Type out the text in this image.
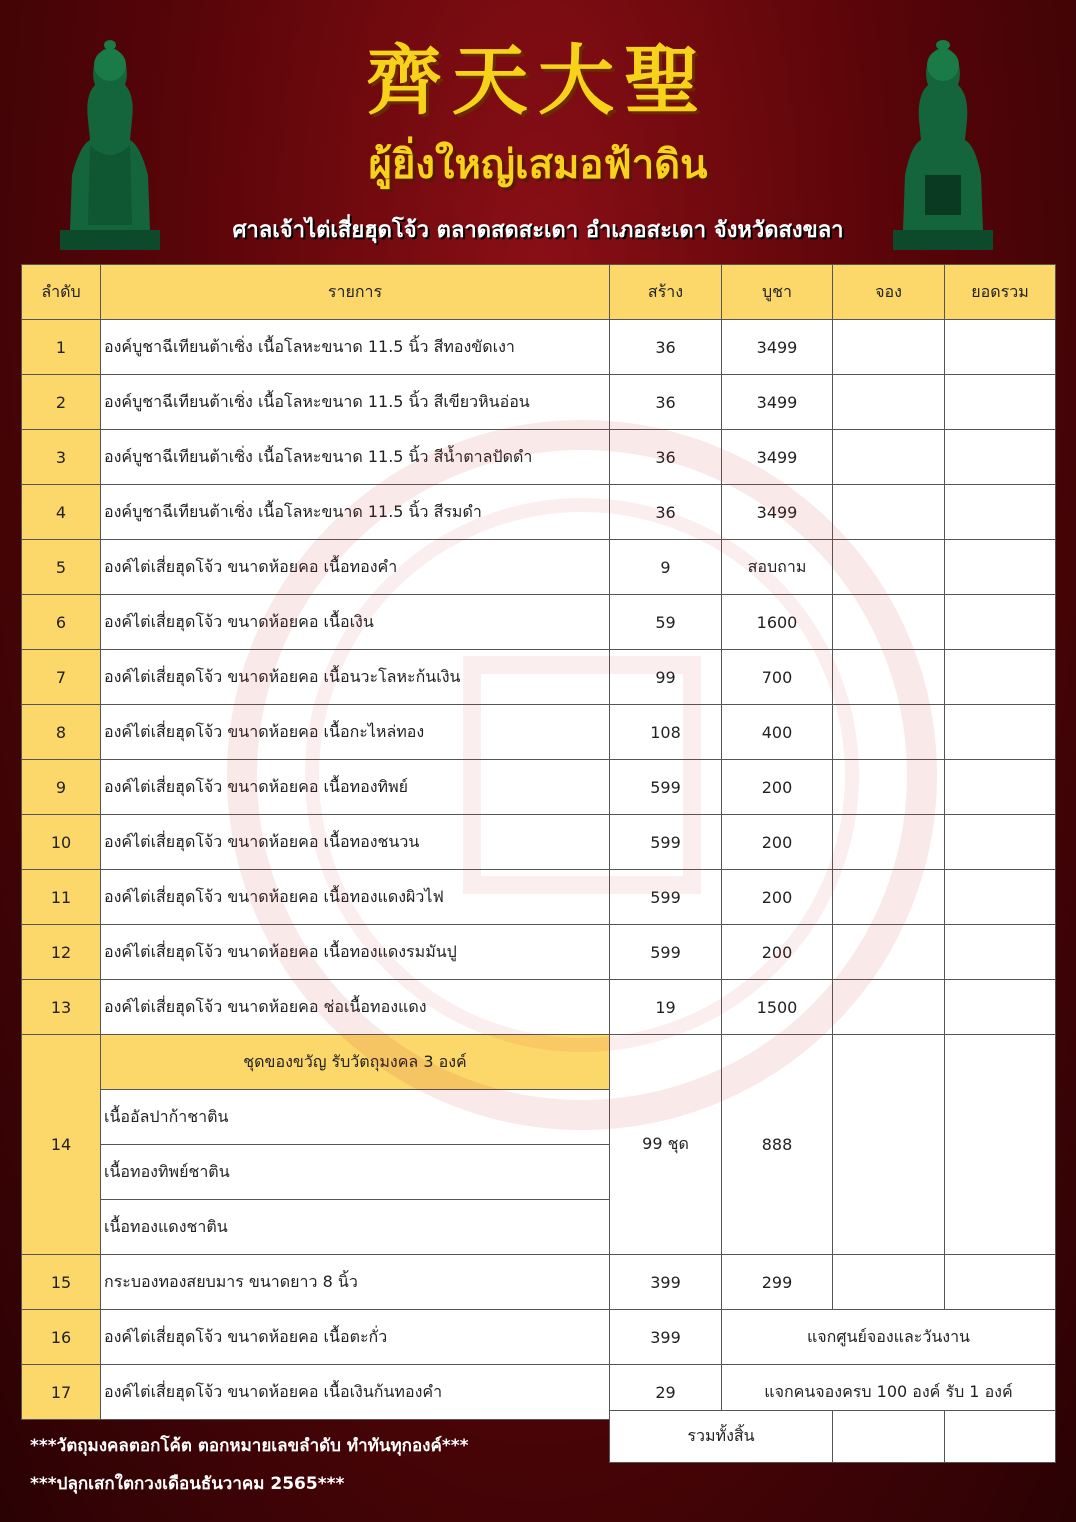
齊天大聖
ผู้ยิ่งใหญ่เสมอฟ้าดิน
ศาลเจ้าไต่เสี่ยฮุดโจ้ว ตลาดสดสะเดา อำเภอสะเดา จังหวัดสงขลา
ลำดับ	รายการ	สร้าง	บูชา	จอง	ยอดรวม
1	องค์บูชาฉีเทียนต้าเซิ่ง เนื้อโลหะขนาด 11.5 นิ้ว สีทองขัดเงา	36	3499		
2	องค์บูชาฉีเทียนต้าเซิ่ง เนื้อโลหะขนาด 11.5 นิ้ว สีเขียวหินอ่อน	36	3499		
3	องค์บูชาฉีเทียนต้าเซิ่ง เนื้อโลหะขนาด 11.5 นิ้ว สีน้ำตาลปัดดำ	36	3499		
4	องค์บูชาฉีเทียนต้าเซิ่ง เนื้อโลหะขนาด 11.5 นิ้ว สีรมดำ	36	3499		
5	องค์ไต่เสี่ยฮุดโจ้ว ขนาดห้อยคอ เนื้อทองคำ	9	สอบถาม		
6	องค์ไต่เสี่ยฮุดโจ้ว ขนาดห้อยคอ เนื้อเงิน	59	1600		
7	องค์ไต่เสี่ยฮุดโจ้ว ขนาดห้อยคอ เนื้อนวะโลหะก้นเงิน	99	700		
8	องค์ไต่เสี่ยฮุดโจ้ว ขนาดห้อยคอ เนื้อกะไหล่ทอง	108	400		
9	องค์ไต่เสี่ยฮุดโจ้ว ขนาดห้อยคอ เนื้อทองทิพย์	599	200		
10	องค์ไต่เสี่ยฮุดโจ้ว ขนาดห้อยคอ เนื้อทองชนวน	599	200		
11	องค์ไต่เสี่ยฮุดโจ้ว ขนาดห้อยคอ เนื้อทองแดงผิวไฟ	599	200		
12	องค์ไต่เสี่ยฮุดโจ้ว ขนาดห้อยคอ เนื้อทองแดงรมมันปู	599	200		
13	องค์ไต่เสี่ยฮุดโจ้ว ขนาดห้อยคอ ช่อเนื้อทองแดง	19	1500		
14	ชุดของขวัญ รับวัตถุมงคล 3 องค์	99 ชุด	888		
	เนื้ออัลปาก้าชาติน				
	เนื้อทองทิพย์ชาติน				
	เนื้อทองแดงชาติน				
15	กระบองทองสยบมาร ขนาดยาว 8 นิ้ว	399	299		
16	องค์ไต่เสี่ยฮุดโจ้ว ขนาดห้อยคอ เนื้อตะกั่ว	399	แจกศูนย์จองและวันงาน		
17	องค์ไต่เสี่ยฮุดโจ้ว ขนาดห้อยคอ เนื้อเงินก้นทองคำ	29	แจกคนจองครบ 100 องค์ รับ 1 องค์		
รวมทั้งสิ้น		
***วัตถุมงคลตอกโค้ต ตอกหมายเลขลำดับ ทำทันทุกองค์***
***ปลุกเสกใตกวงเดือนธันวาคม 2565***
